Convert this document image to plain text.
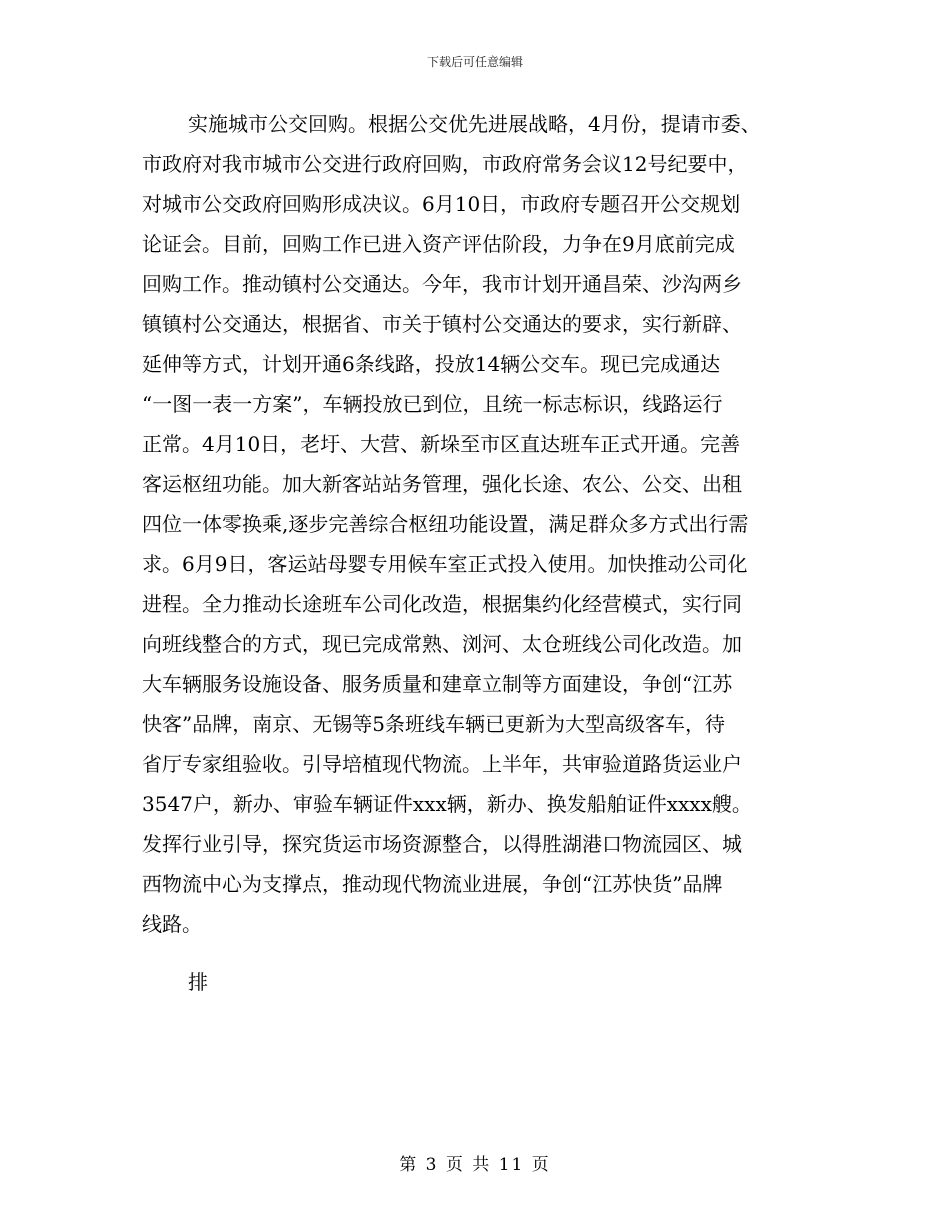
下载后可任意编辑
实施城市公交回购。根据公交优先进展战略，4月份，提请市委、
市政府对我市城市公交进行政府回购，市政府常务会议12号纪要中，
对城市公交政府回购形成决议。6月10日，市政府专题召开公交规划
论证会。目前，回购工作已进入资产评估阶段，力争在9月底前完成
回购工作。推动镇村公交通达。今年，我市计划开通昌荣、沙沟两乡
镇镇村公交通达，根据省、市关于镇村公交通达的要求，实行新辟、
延伸等方式，计划开通6条线路，投放14辆公交车。现已完成通达
“一图一表一方案”，车辆投放已到位，且统一标志标识，线路运行
正常。4月10日，老圩、大营、新垛至市区直达班车正式开通。完善
客运枢纽功能。加大新客站站务管理，强化长途、农公、公交、出租
四位一体零换乘,逐步完善综合枢纽功能设置，满足群众多方式出行需
求。6月9日，客运站母婴专用候车室正式投入使用。加快推动公司化
进程。全力推动长途班车公司化改造，根据集约化经营模式，实行同
向班线整合的方式，现已完成常熟、浏河、太仓班线公司化改造。加
大车辆服务设施设备、服务质量和建章立制等方面建设，争创“江苏
快客”品牌，南京、无锡等5条班线车辆已更新为大型高级客车，待
省厅专家组验收。引导培植现代物流。上半年，共审验道路货运业户
3547户，新办、审验车辆证件xxx辆，新办、换发船舶证件xxxx艘。
发挥行业引导，探究货运市场资源整合，以得胜湖港口物流园区、城
西物流中心为支撑点，推动现代物流业进展，争创“江苏快货”品牌
线路。
排
第 3 页 共 11 页
